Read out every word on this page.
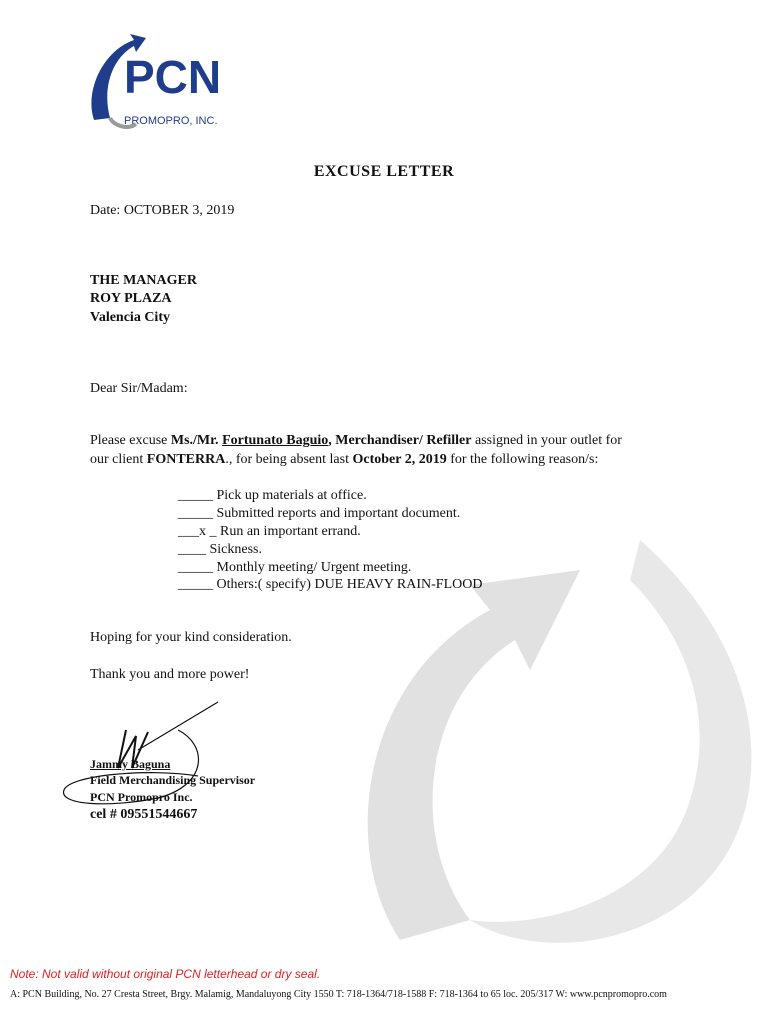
PCN
PROMOPRO, INC.
EXCUSE LETTER
Date: OCTOBER 3, 2019
THE MANAGER
ROY PLAZA
Valencia City
Dear Sir/Madam:
Please excuse Ms./Mr. Fortunato Baguio, Merchandiser/ Refiller assigned in your outlet for
our client FONTERRA., for being absent last October 2, 2019 for the following reason/s:
_____ Pick up materials at office.
_____ Submitted reports and important document.
___x _ Run an important errand.
____ Sickness.
_____ Monthly meeting/ Urgent meeting.
_____ Others:( specify) DUE HEAVY RAIN-FLOOD
Hoping for your kind consideration.
Thank you and more power!
Jammy Baguna
Field Merchandising Supervisor
PCN Promopro Inc.
cel # 09551544667
Note: Not valid without original PCN letterhead or dry seal.
A: PCN Building, No. 27 Cresta Street, Brgy. Malamig, Mandaluyong City 1550 T: 718-1364/718-1588 F: 718-1364 to 65 loc. 205/317 W: www.pcnpromopro.com
